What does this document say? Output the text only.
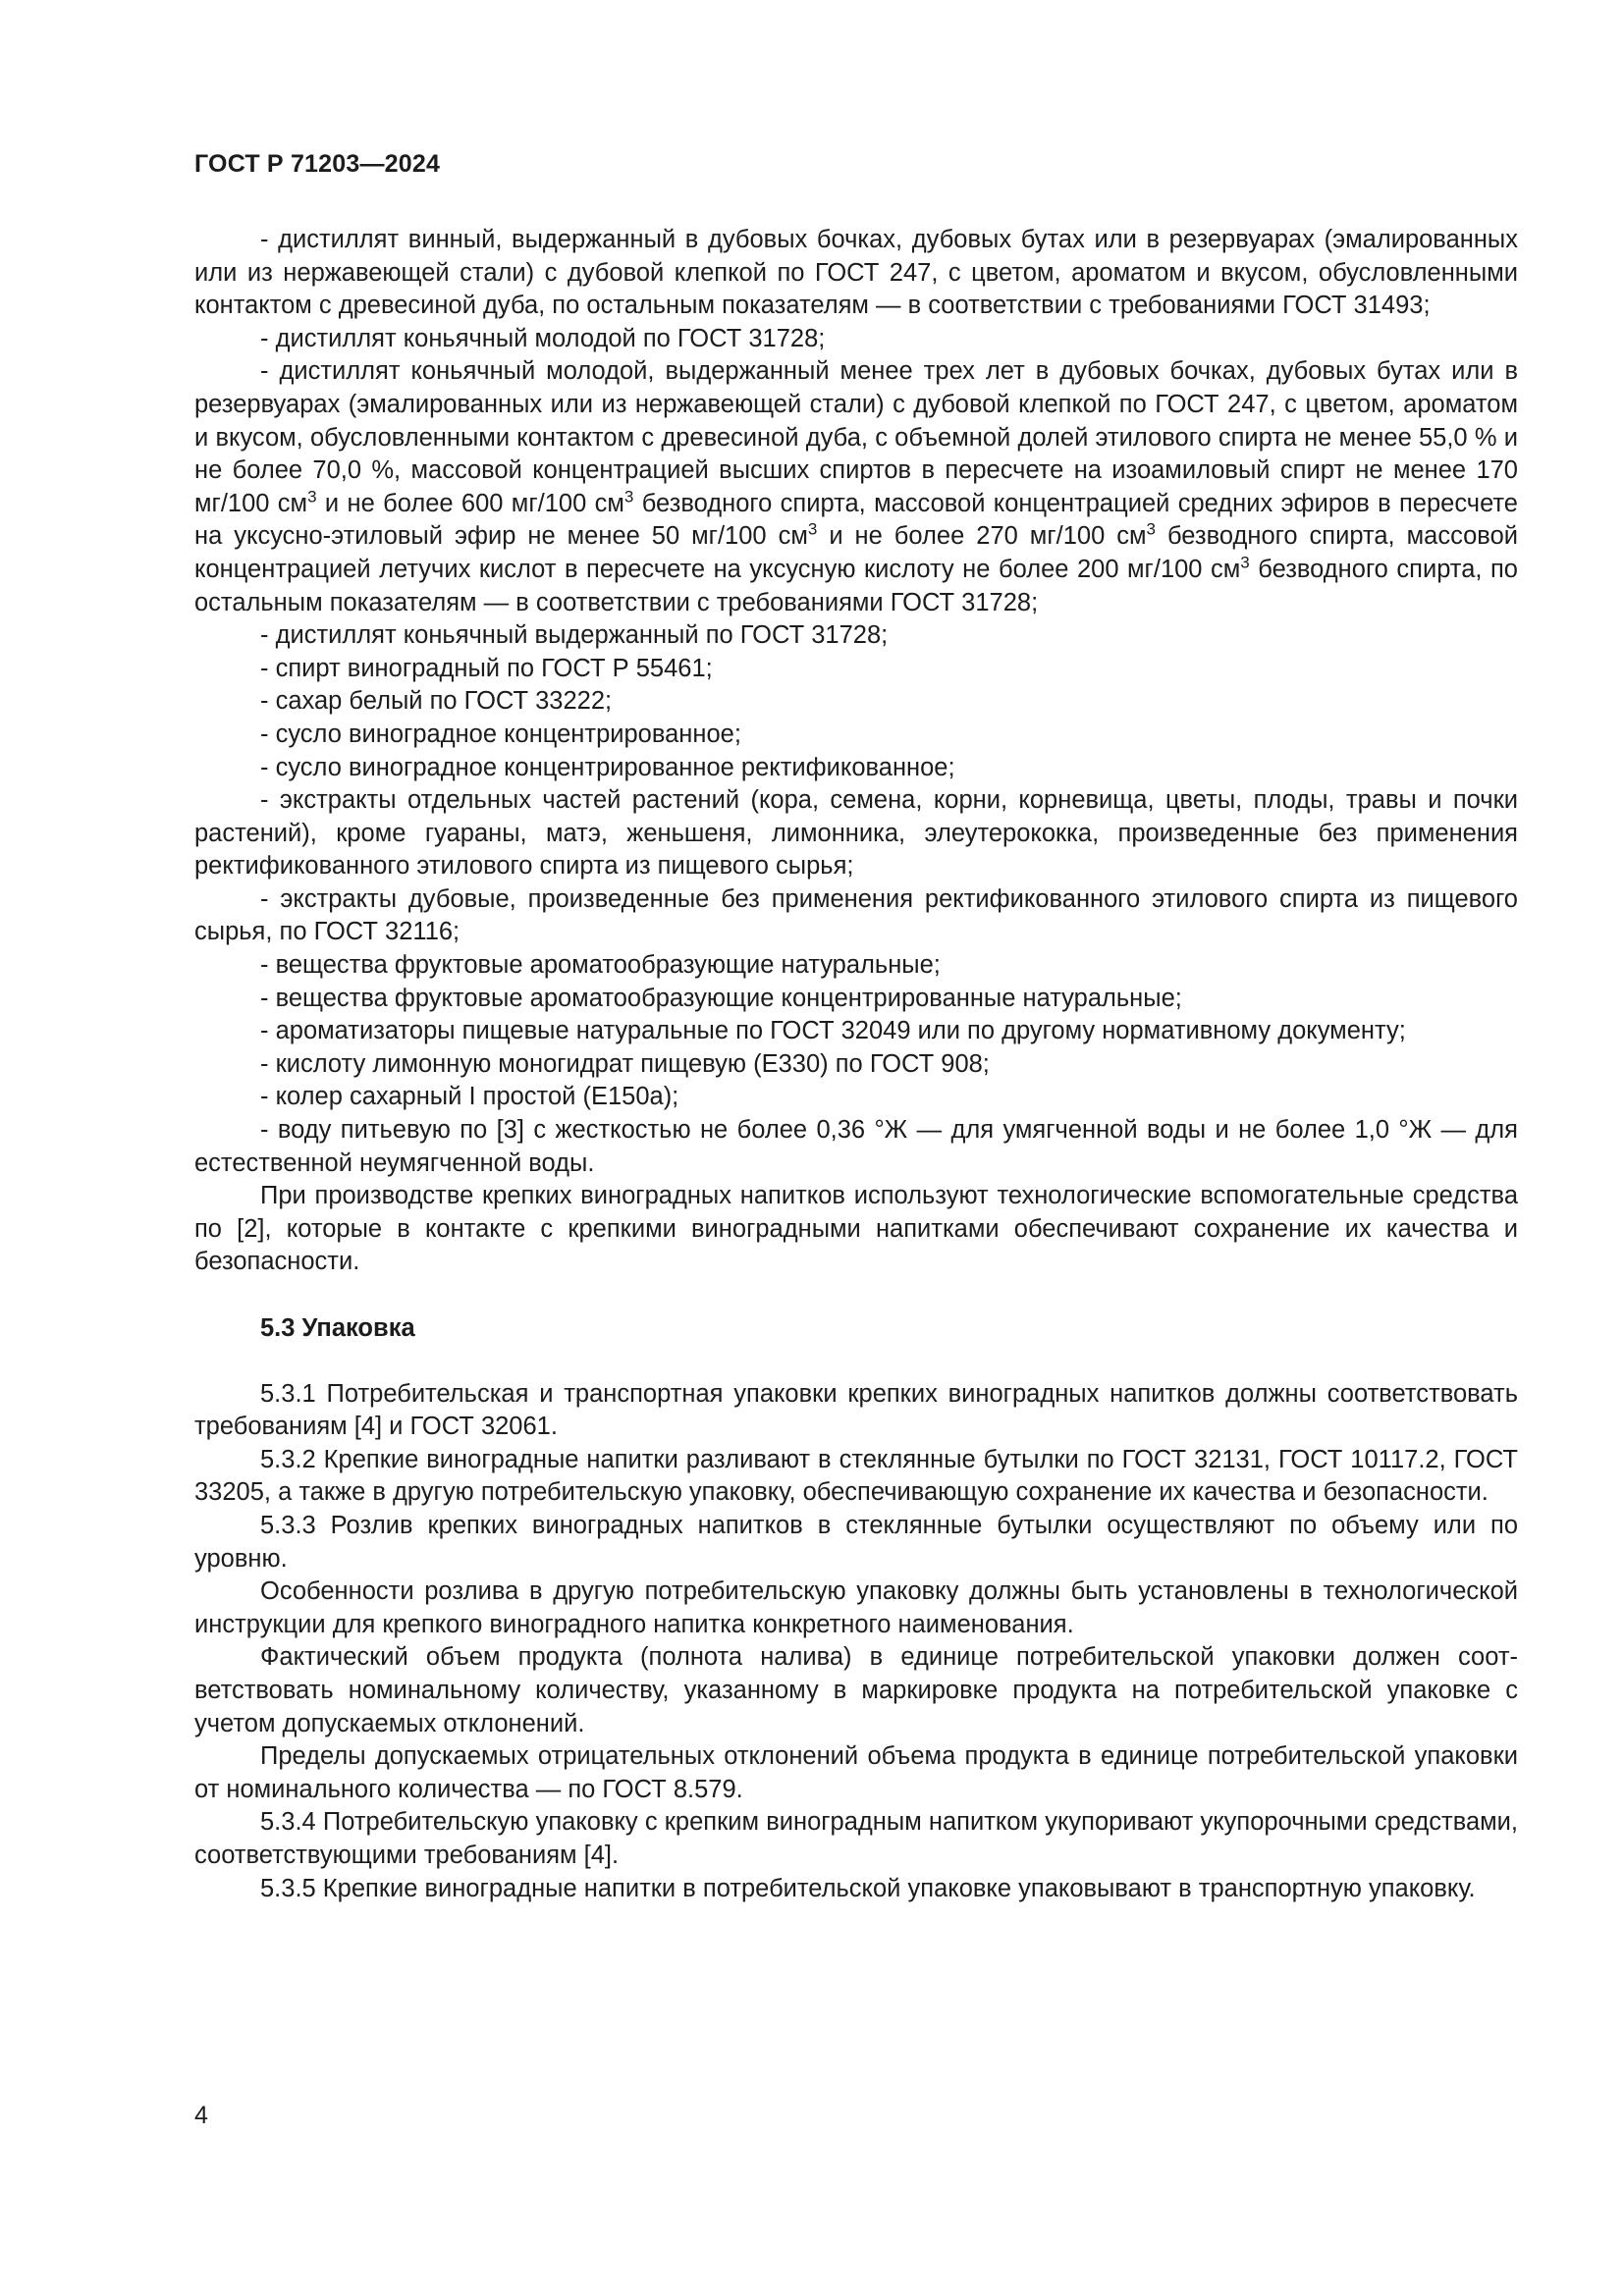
ГОСТ Р 71203—2024

- дистиллят винный, выдержанный в дубовых бочках, дубовых бутах или в резервуарах (эмалированных или из нержавеющей стали) с дубовой клепкой по ГОСТ 247, с цветом, ароматом и вкусом, обусловленными контактом с древесиной дуба, по остальным показателям — в соответствии с требованиями ГОСТ 31493;

- дистиллят коньячный молодой по ГОСТ 31728;

- дистиллят коньячный молодой, выдержанный менее трех лет в дубовых бочках, дубовых бутах или в резервуарах (эмалированных или из нержавеющей стали) с дубовой клепкой по ГОСТ 247, с цветом, ароматом и вкусом, обусловленными контактом с древесиной дуба, с объемной долей этилового спирта не менее 55,0 % и не более 70,0 %, массовой концентрацией высших спиртов в пересчете на изоамиловый спирт не менее 170 мг/100 $см^3$ и не более 600 мг/100 $см^3$ безводного спирта, массовой концентрацией средних эфиров в пересчете на уксусно-этиловый эфир не менее 50 мг/100 $см^3$ и не более 270 мг/100 $см^3$ безводного спирта, массовой концентрацией летучих кислот в пересчете на уксусную кислоту не более 200 мг/100 $см^3$ безводного спирта, по остальным показателям — в соответствии с требованиями ГОСТ 31728;

- дистиллят коньячный выдержанный по ГОСТ 31728;

- спирт виноградный по ГОСТ Р 55461;

- сахар белый по ГОСТ 33222;

- сусло виноградное концентрированное;

- сусло виноградное концентрированное ректификованное;

- экстракты отдельных частей растений (кора, семена, корни, корневища, цветы, плоды, травы и почки растений), кроме гуараны, матэ, женьшеня, лимонника, элеутерококка, произведенные без применения ректификованного этилового спирта из пищевого сырья;

- экстракты дубовые, произведенные без применения ректификованного этилового спирта из пищевого сырья, по ГОСТ 32116;

- вещества фруктовые ароматообразующие натуральные;

- вещества фруктовые ароматообразующие концентрированные натуральные;

- ароматизаторы пищевые натуральные по ГОСТ 32049 или по другому нормативному документу;

- кислоту лимонную моногидрат пищевую (Е330) по ГОСТ 908;

- колер сахарный I простой (Е150а);

- воду питьевую по [3] с жесткостью не более 0,36 °Ж — для умягченной воды и не более 1,0 °Ж — для естественной неумягченной воды.

При производстве крепких виноградных напитков используют технологические вспомогательные средства по [2], которые в контакте с крепкими виноградными напитками обеспечивают сохранение их качества и безопасности.

5.3 Упаковка

5.3.1 Потребительская и транспортная упаковки крепких виноградных напитков должны соответствовать требованиям [4] и ГОСТ 32061.

5.3.2 Крепкие виноградные напитки разливают в стеклянные бутылки по ГОСТ 32131, ГОСТ 10117.2, ГОСТ 33205, а также в другую потребительскую упаковку, обеспечивающую сохранение их качества и безопасности.

5.3.3 Розлив крепких виноградных напитков в стеклянные бутылки осуществляют по объему или по уровню.

Особенности розлива в другую потребительскую упаковку должны быть установлены в технологической инструкции для крепкого виноградного напитка конкретного наименования.

Фактический объем продукта (полнота налива) в единице потребительской упаковки должен соответствовать номинальному количеству, указанному в маркировке продукта на потребительской упаковке с учетом допускаемых отклонений.

Пределы допускаемых отрицательных отклонений объема продукта в единице потребительской упаковки от номинального количества — по ГОСТ 8.579.

5.3.4 Потребительскую упаковку с крепким виноградным напитком укупоривают укупорочными средствами, соответствующими требованиям [4].

5.3.5 Крепкие виноградные напитки в потребительской упаковке упаковывают в транспортную упаковку.

4
